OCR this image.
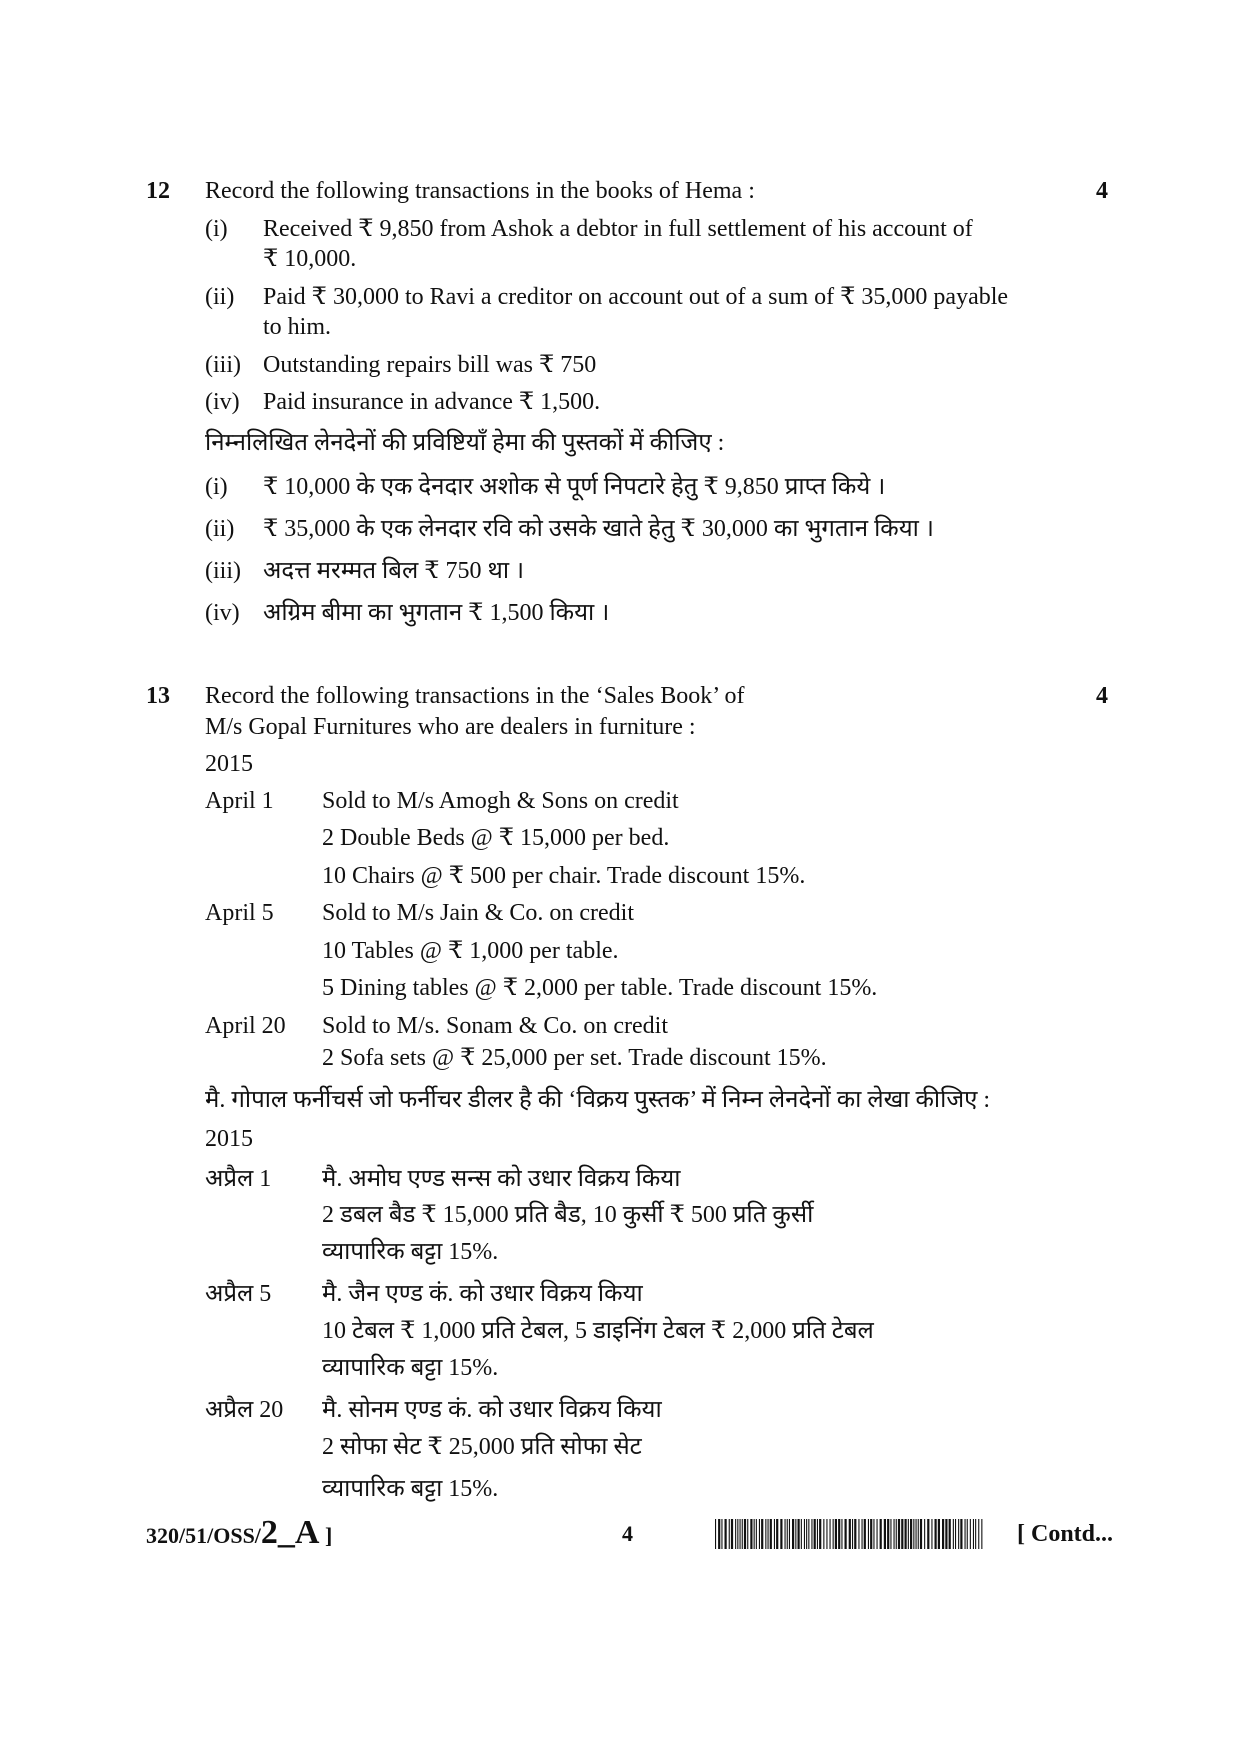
12	4
Record the following transactions in the books of Hema :
(i) Received ₹ 9,850 from Ashok a debtor in full settlement of his account of
₹ 10,000.
(ii) Paid ₹ 30,000 to Ravi a creditor on account out of a sum of ₹ 35,000 payable
to him.
(iii) Outstanding repairs bill was ₹ 750
(iv) Paid insurance in advance ₹ 1,500.
निम्नलिखित लेनदेनों की प्रविष्टियाँ हेमा की पुस्तकों में कीजिए :
(i) ₹ 10,000 के एक देनदार अशोक से पूर्ण निपटारे हेतु ₹ 9,850 प्राप्त किये ।
(ii) ₹ 35,000 के एक लेनदार रवि को उसके खाते हेतु ₹ 30,000 का भुगतान किया ।
(iii) अदत्त मरम्मत बिल ₹ 750 था ।
(iv) अग्रिम बीमा का भुगतान ₹ 1,500 किया ।
13	4
Record the following transactions in the ‘Sales Book’ of
M/s Gopal Furnitures who are dealers in furniture :
2015
April 1 Sold to M/s Amogh & Sons on credit
2 Double Beds @ ₹ 15,000 per bed.
10 Chairs @ ₹ 500 per chair. Trade discount 15%.
April 5 Sold to M/s Jain & Co. on credit
10 Tables @ ₹ 1,000 per table.
5 Dining tables @ ₹ 2,000 per table. Trade discount 15%.
April 20 Sold to M/s. Sonam & Co. on credit
2 Sofa sets @ ₹ 25,000 per set. Trade discount 15%.
मै. गोपाल फर्नीचर्स जो फर्नीचर डीलर है की ‘विक्रय पुस्तक’ में निम्न लेनदेनों का लेखा कीजिए :
2015
अप्रैल 1 मै. अमोघ एण्ड सन्स को उधार विक्रय किया
2 डबल बैड ₹ 15,000 प्रति बैड, 10 कुर्सी ₹ 500 प्रति कुर्सी
व्यापारिक बट्टा 15%.
अप्रैल 5 मै. जैन एण्ड कं. को उधार विक्रय किया
10 टेबल ₹ 1,000 प्रति टेबल, 5 डाइनिंग टेबल ₹ 2,000 प्रति टेबल
व्यापारिक बट्टा 15%.
अप्रैल 20 मै. सोनम एण्ड कं. को उधार विक्रय किया
2 सोफा सेट ₹ 25,000 प्रति सोफा सेट
व्यापारिक बट्टा 15%.
320/51/OSS/2_A ]	4	[ Contd...
